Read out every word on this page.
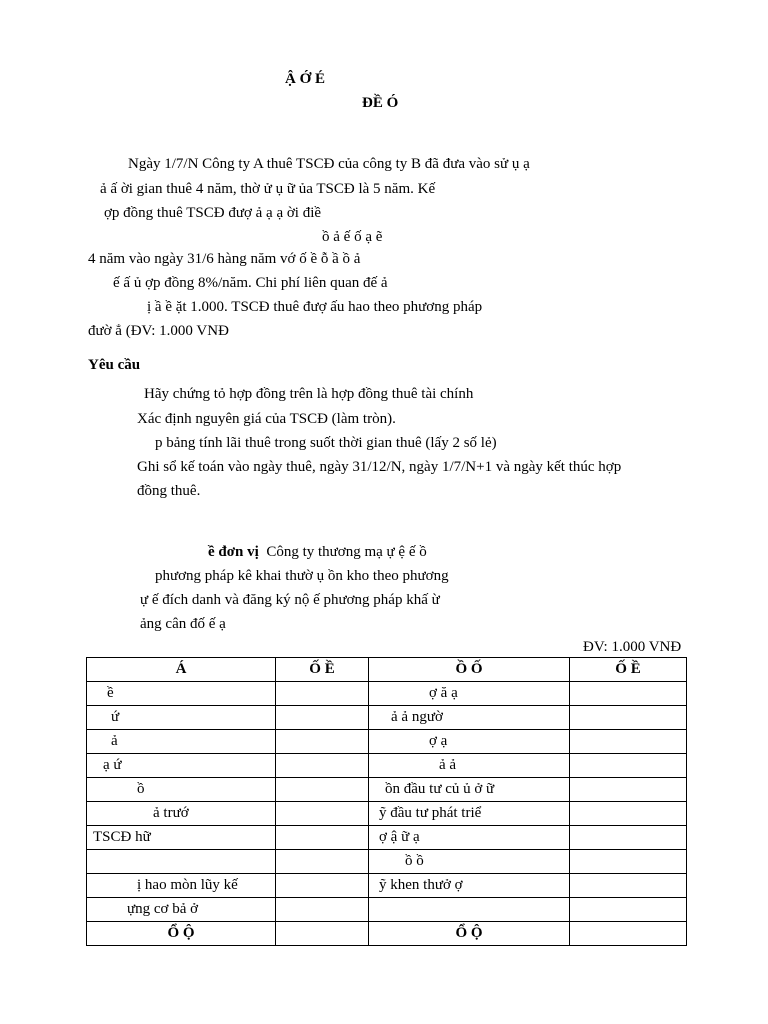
Ậ Ớ É
ĐỀ Ó
Ngày 1/7/N Công ty A thuê TSCĐ của công ty B đã đưa vào sử ụ ạ
ả ấ ời gian thuê 4 năm, thờ ử ụ ữ ủa TSCĐ là 5 năm. Kế
ợp đồng thuê TSCĐ đượ ả ạ ạ ời điề
ồ ả ế ố ạ ẽ
4 năm vào ngày 31/6 hàng năm vớ ố ề ỗ ầ ồ ả
ế ấ ủ ợp đồng 8%/năm. Chi phí liên quan đế ả
ị ầ ề ặt 1.000. TSCĐ thuê đượ ấu hao theo phương pháp
đườ ẳ (ĐV: 1.000 VNĐ
Yêu cầu
Hãy chứng tỏ hợp đồng trên là hợp đồng thuê tài chính
Xác định nguyên giá của TSCĐ (làm tròn).
p bảng tính lãi thuê trong suốt thời gian thuê (lấy 2 số lẻ)
Ghi sổ kế toán vào ngày thuê, ngày 31/12/N, ngày 1/7/N+1 và ngày kết thúc hợp
đồng thuê.
ề đơn vị Công ty thương mạ ự ệ ế ồ
phương pháp kê khai thườ ụ ồn kho theo phương
ự ế đích danh và đăng ký nộ ế phương pháp khấ ừ
ảng cân đố ế ạ
ĐV: 1.000 VNĐ
Á	Ố Ề	Ồ Ố	Ố Ề
ề		ợ ă ạ	
ứ		ả ả ngườ	
ả		ợ ạ	
ạ ứ		ả ả	
ồ		ồn đầu tư củ ủ ở ữ	
ả trướ		ỹ đầu tư phát triể	
TSCĐ hữ		ợ ậ ữ ạ	
		ồ ồ	
ị hao mòn lũy kế		ỹ khen thưở ợ	
ựng cơ bả ở			
Ổ Ộ		Ổ Ộ	
